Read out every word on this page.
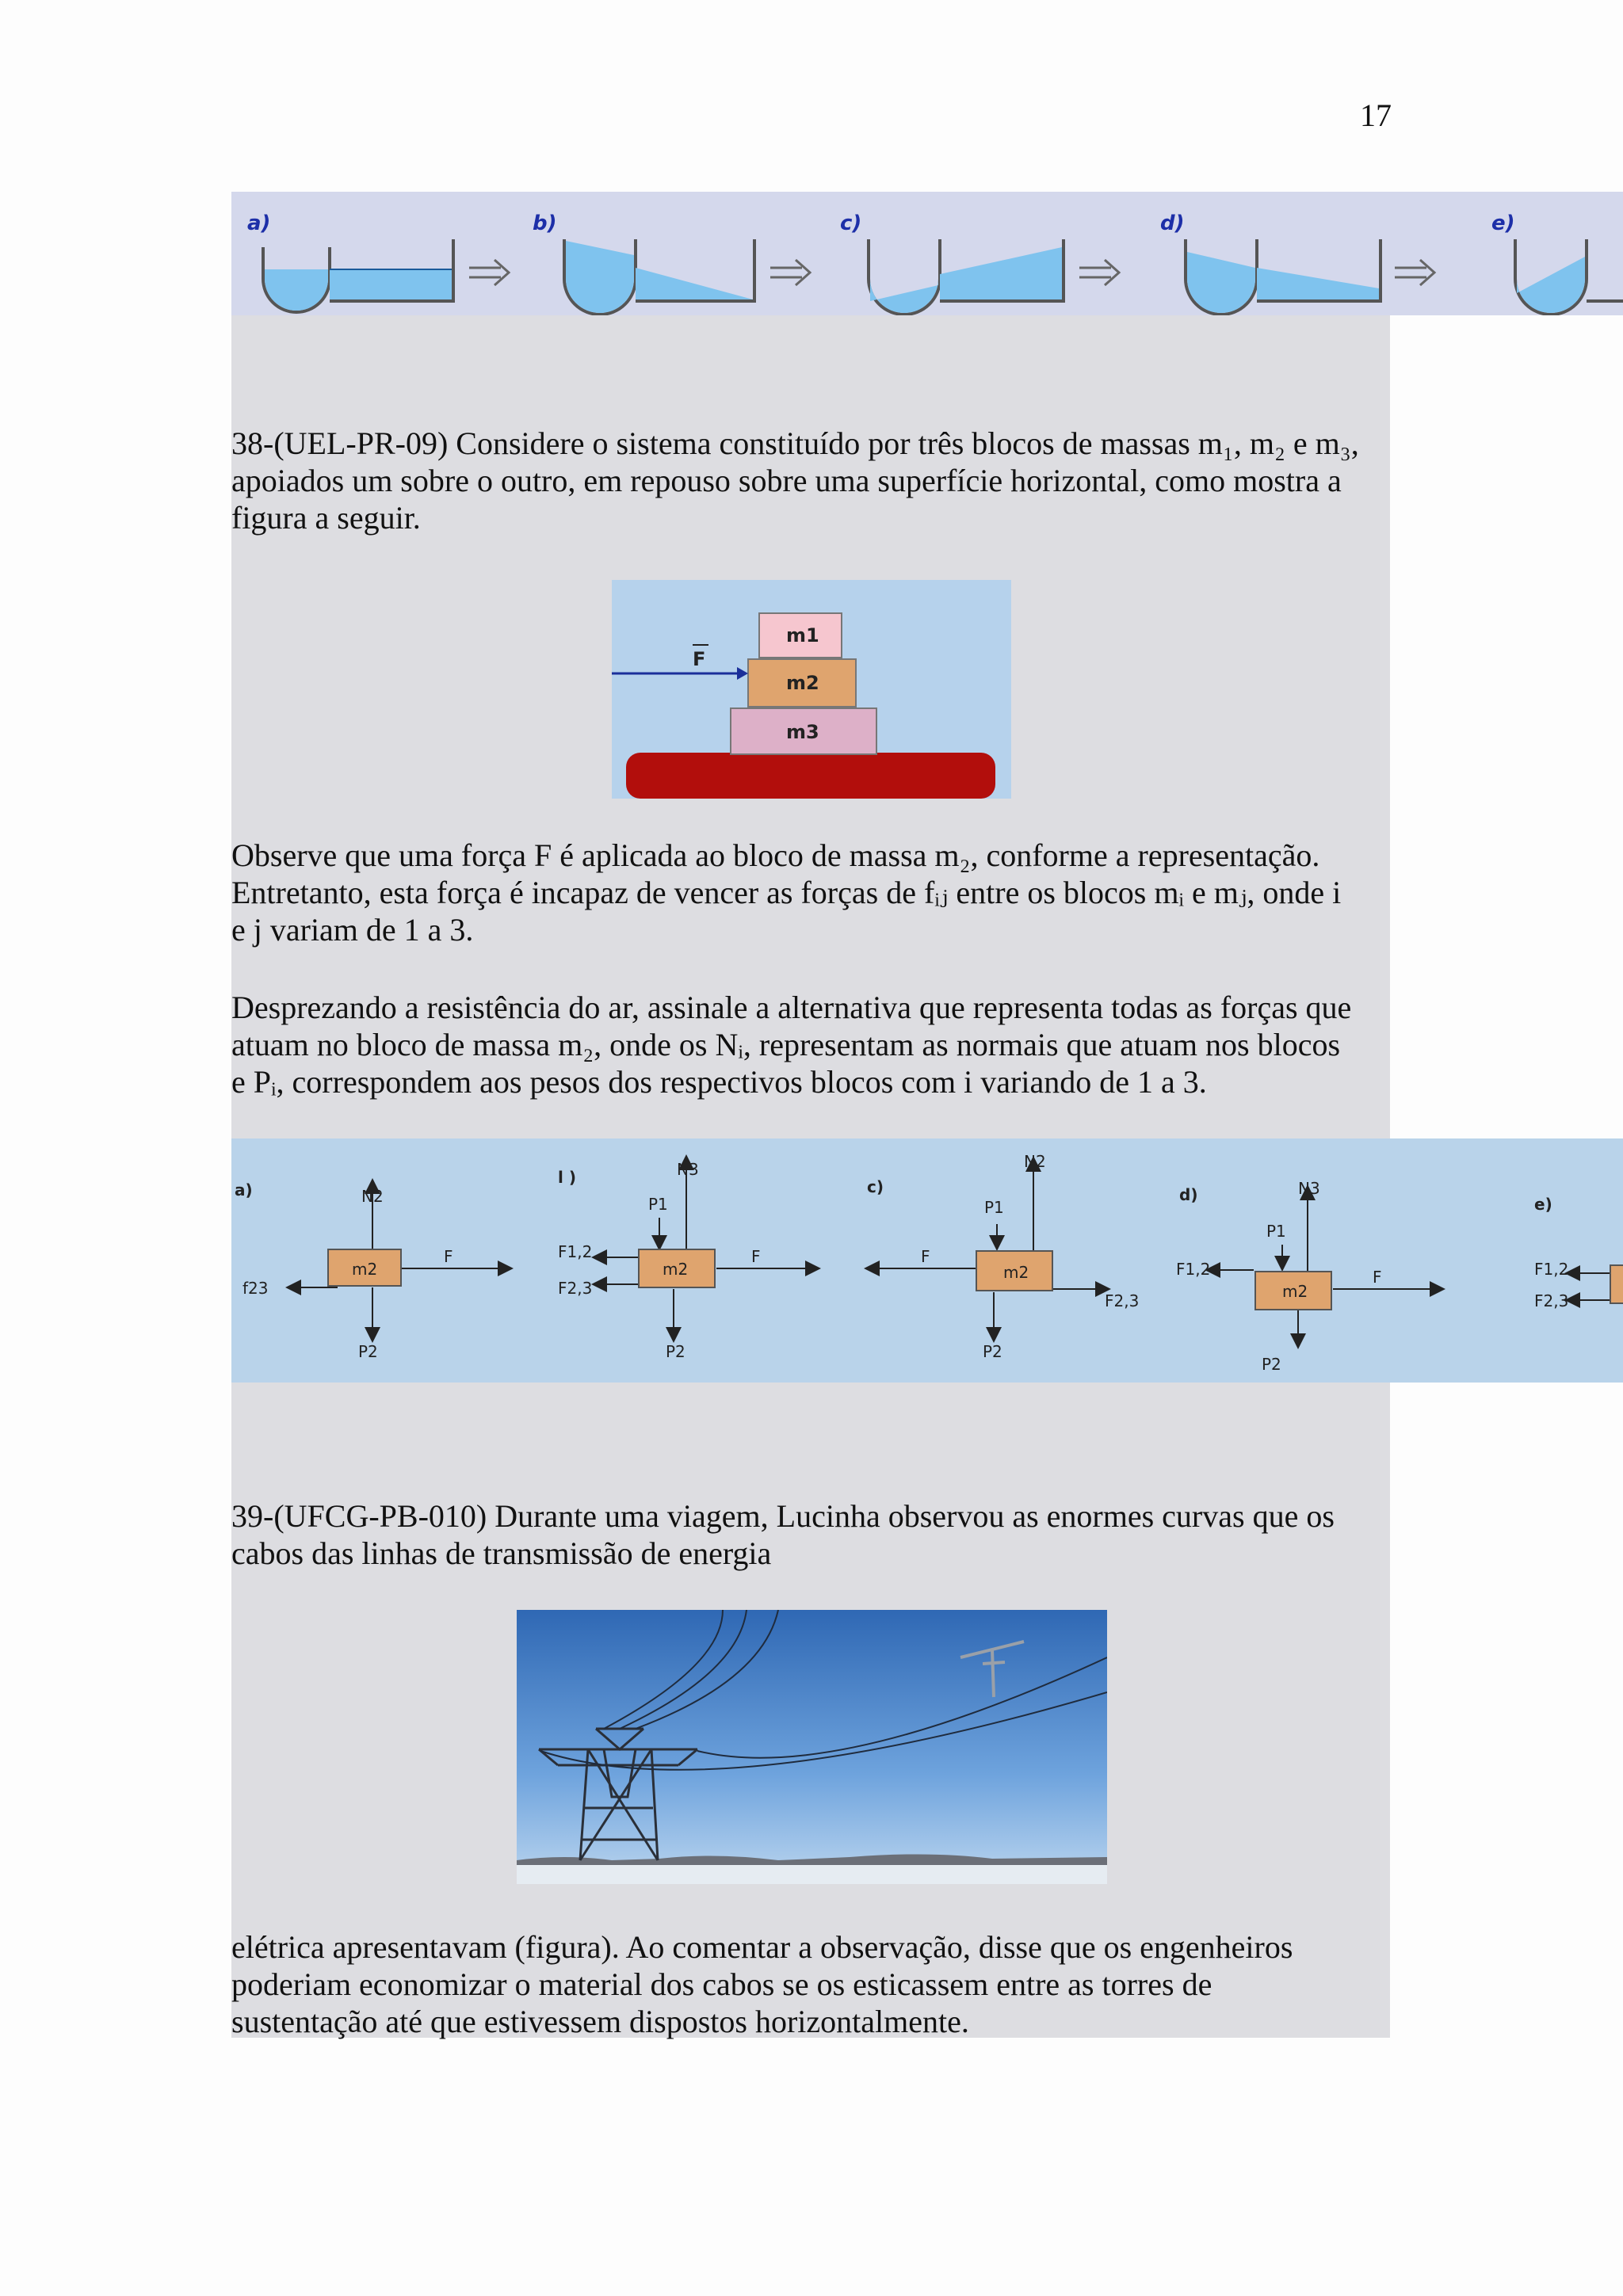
17
a)	b)	c)	d)	e)

38-(UEL-PR-09) Considere o sistema constituído por três blocos de massas m₁, m₂ e m₃,
apoiados um sobre o outro, em repouso sobre uma superfície horizontal, como mostra a
figura a seguir.

m1
m2
m3
F

Observe que uma força F é aplicada ao bloco de massa m₂, conforme a representação.
Entretanto, esta força é incapaz de vencer as forças de fᵢⱼ entre os blocos mᵢ e mⱼ, onde i
e j variam de 1 a 3.

Desprezando a resistência do ar, assinale a alternativa que representa todas as forças que
atuam no bloco de massa m₂, onde os Nᵢ, representam as normais que atuam nos blocos
e Pᵢ, correspondem aos pesos dos respectivos blocos com i variando de 1 a 3.

a)
m2
N2
F
f23
P2
l )
m2
N3
P1
F1,2
F2,3
F
P2
c)
m2
N2
P1
F
F2,3
P2
d)
m2
N3
P1
F1,2	F
P2
e)
F1,2
F2,3

39-(UFCG-PB-010) Durante uma viagem, Lucinha observou as enormes curvas que os
cabos das linhas de transmissão de energia

elétrica apresentavam (figura). Ao comentar a observação, disse que os engenheiros
poderiam economizar o material dos cabos se os esticassem entre as torres de
sustentação até que estivessem dispostos horizontalmente.
